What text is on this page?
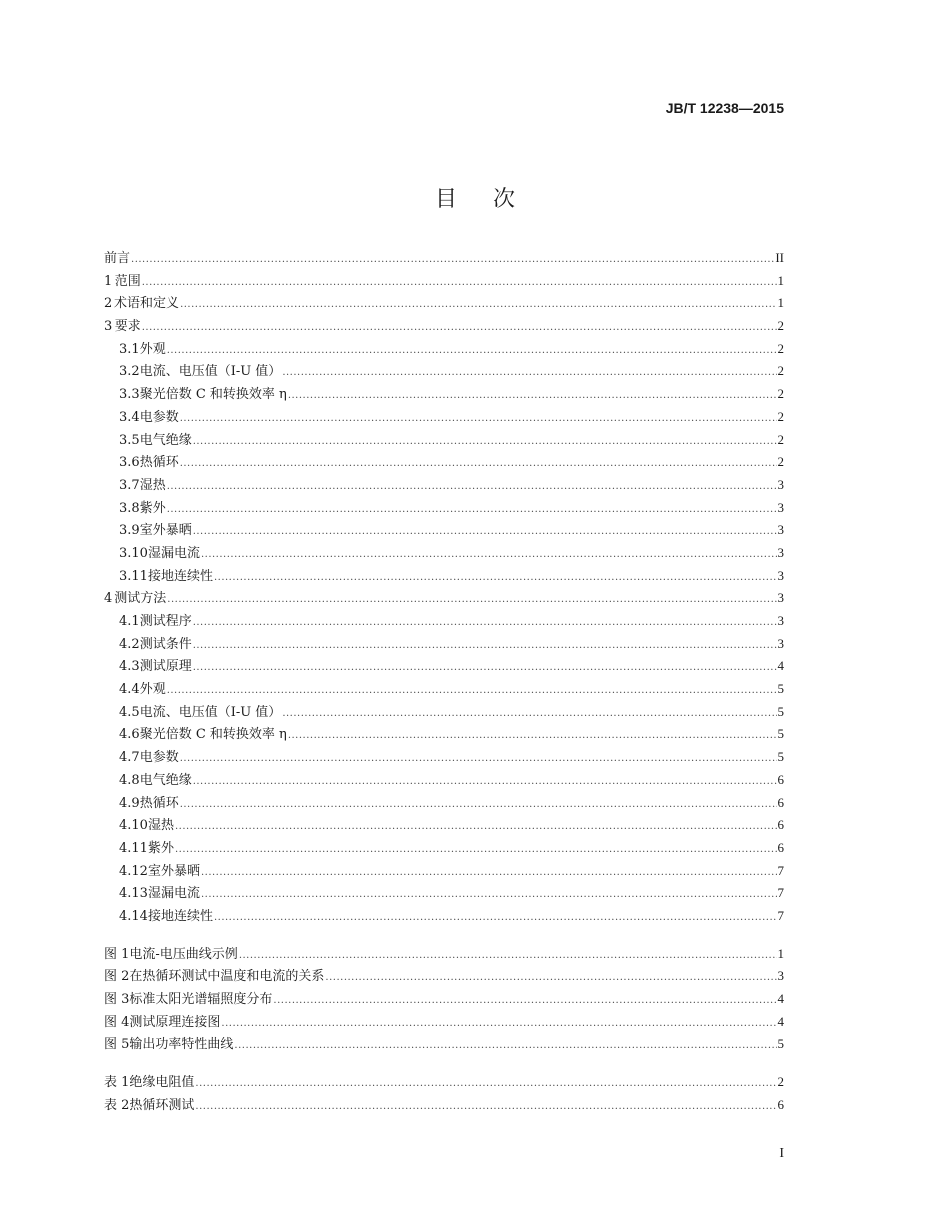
JB/T 12238—2015
目次
前言 .....	II
1 范围 .....	1
2 术语和定义 .....	1
3 要求 .....	2
3.1 外观 .....	2
3.2 电流、电压值（I-U 值） .....	2
3.3 聚光倍数 C 和转换效率 η .....	2
3.4 电参数 .....	2
3.5 电气绝缘 .....	2
3.6 热循环 .....	2
3.7 湿热 .....	3
3.8 紫外 .....	3
3.9 室外暴晒 .....	3
3.10 湿漏电流 .....	3
3.11 接地连续性 .....	3
4 测试方法 .....	3
4.1 测试程序 .....	3
4.2 测试条件 .....	3
4.3 测试原理 .....	4
4.4 外观 .....	5
4.5 电流、电压值（I-U 值） .....	5
4.6 聚光倍数 C 和转换效率 η .....	5
4.7 电参数 .....	5
4.8 电气绝缘 .....	6
4.9 热循环 .....	6
4.10 湿热 .....	6
4.11 紫外 .....	6
4.12 室外暴晒 .....	7
4.13 湿漏电流 .....	7
4.14 接地连续性 .....	7
图 1 电流-电压曲线示例 .....	1
图 2 在热循环测试中温度和电流的关系 .....	3
图 3 标准太阳光谱辐照度分布 .....	4
图 4 测试原理连接图 .....	4
图 5 输出功率特性曲线 .....	5
表 1 绝缘电阻值 .....	2
表 2 热循环测试 .....	6
I
